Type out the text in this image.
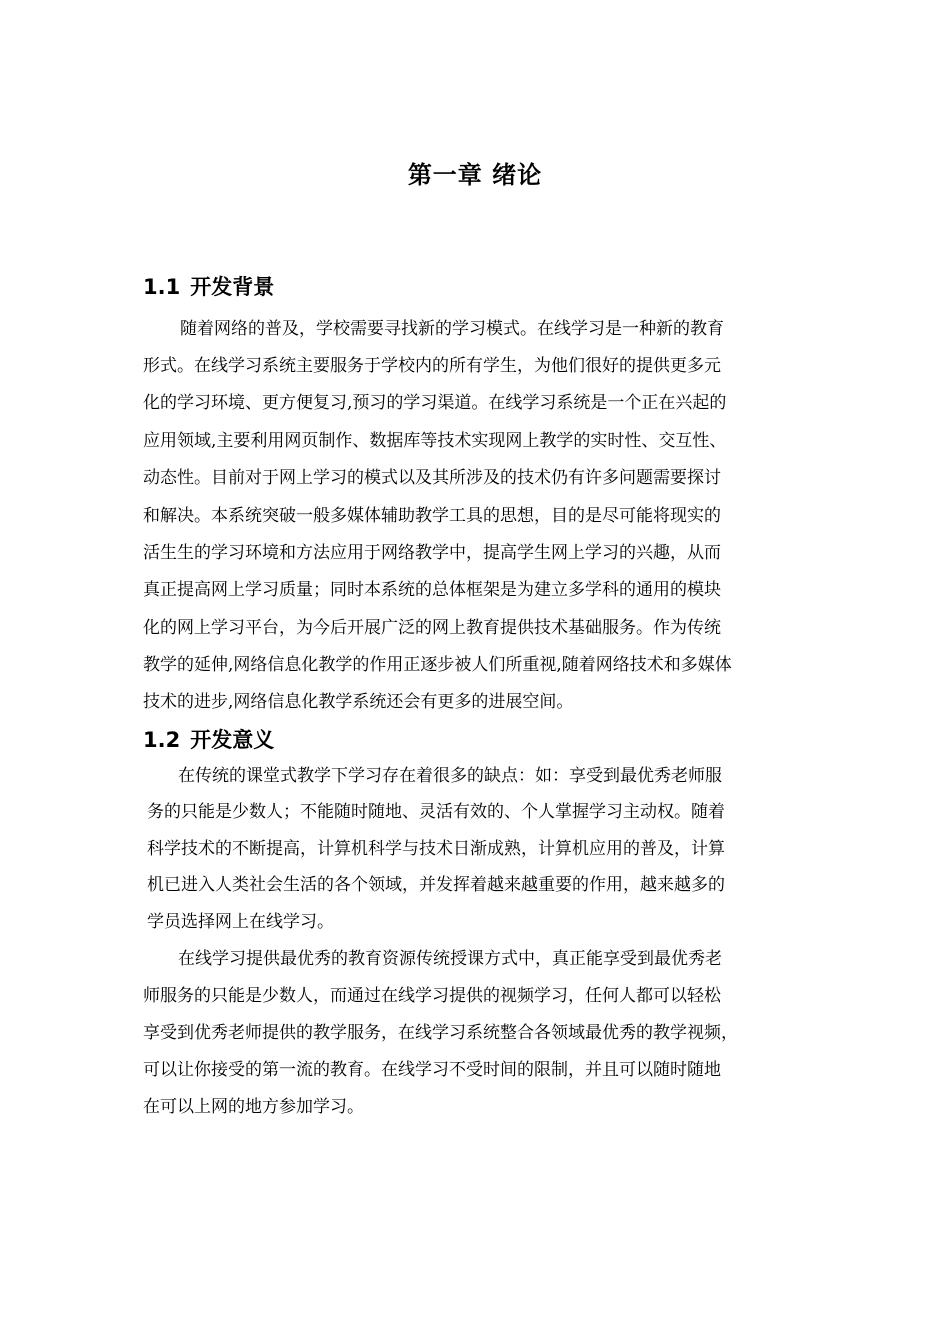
第一章 绪论
1.1 开发背景
随着网络的普及，学校需要寻找新的学习模式。在线学习是一种新的教育
形式。在线学习系统主要服务于学校内的所有学生，为他们很好的提供更多元
化的学习环境、更方便复习,预习的学习渠道。在线学习系统是一个正在兴起的
应用领域,主要利用网页制作、数据库等技术实现网上教学的实时性、交互性、
动态性。目前对于网上学习的模式以及其所涉及的技术仍有许多问题需要探讨
和解决。本系统突破一般多媒体辅助教学工具的思想，目的是尽可能将现实的
活生生的学习环境和方法应用于网络教学中，提高学生网上学习的兴趣，从而
真正提高网上学习质量；同时本系统的总体框架是为建立多学科的通用的模块
化的网上学习平台，为今后开展广泛的网上教育提供技术基础服务。作为传统
教学的延伸,网络信息化教学的作用正逐步被人们所重视,随着网络技术和多媒体
技术的进步,网络信息化教学系统还会有更多的进展空间。
1.2 开发意义
在传统的课堂式教学下学习存在着很多的缺点：如：享受到最优秀老师服
务的只能是少数人；不能随时随地、灵活有效的、个人掌握学习主动权。随着
科学技术的不断提高，计算机科学与技术日渐成熟，计算机应用的普及，计算
机已进入人类社会生活的各个领域，并发挥着越来越重要的作用，越来越多的
学员选择网上在线学习。
在线学习提供最优秀的教育资源传统授课方式中，真正能享受到最优秀老
师服务的只能是少数人，而通过在线学习提供的视频学习，任何人都可以轻松
享受到优秀老师提供的教学服务，在线学习系统整合各领域最优秀的教学视频，
可以让你接受的第一流的教育。在线学习不受时间的限制，并且可以随时随地
在可以上网的地方参加学习。
